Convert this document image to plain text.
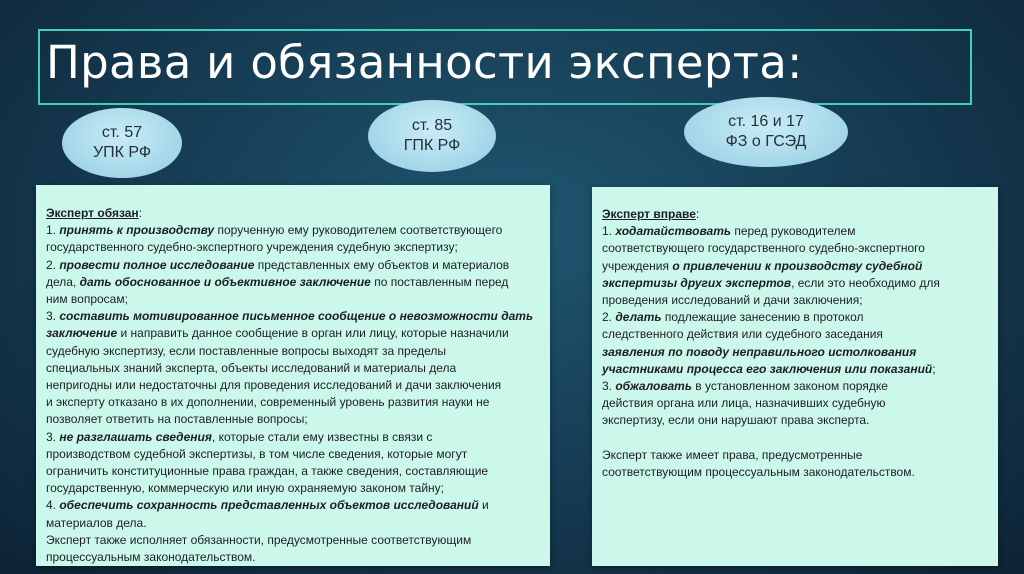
Права и обязанности эксперта:
ст. 57
УПК РФ
ст. 85
ГПК РФ
ст. 16 и 17
ФЗ о ГСЭД
Эксперт обязан:
1. принять к производству порученную ему руководителем соответствующего
государственного судебно-экспертного учреждения судебную экспертизу;
2. провести полное исследование представленных ему объектов и материалов
дела, дать обоснованное и объективное заключение по поставленным перед
ним вопросам;
3. составить мотивированное письменное сообщение о невозможности дать
заключение и направить данное сообщение в орган или лицу, которые назначили
судебную экспертизу, если поставленные вопросы выходят за пределы
специальных знаний эксперта, объекты исследований и материалы дела
непригодны или недостаточны для проведения исследований и дачи заключения
и эксперту отказано в их дополнении, современный уровень развития науки не
позволяет ответить на поставленные вопросы;
3. не разглашать сведения, которые стали ему известны в связи с
производством судебной экспертизы, в том числе сведения, которые могут
ограничить конституционные права граждан, а также сведения, составляющие
государственную, коммерческую или иную охраняемую законом тайну;
4. обеспечить сохранность представленных объектов исследований и
материалов дела.
Эксперт также исполняет обязанности, предусмотренные соответствующим
процессуальным законодательством.
Эксперт вправе:
1. ходатайствовать перед руководителем
соответствующего государственного судебно-экспертного
учреждения о привлечении к производству судебной
экспертизы других экспертов, если это необходимо для
проведения исследований и дачи заключения;
2. делать подлежащие занесению в протокол
следственного действия или судебного заседания
заявления по поводу неправильного истолкования
участниками процесса его заключения или показаний;
3. обжаловать в установленном законом порядке
действия органа или лица, назначивших судебную
экспертизу, если они нарушают права эксперта.
Эксперт также имеет права, предусмотренные
соответствующим процессуальным законодательством.
